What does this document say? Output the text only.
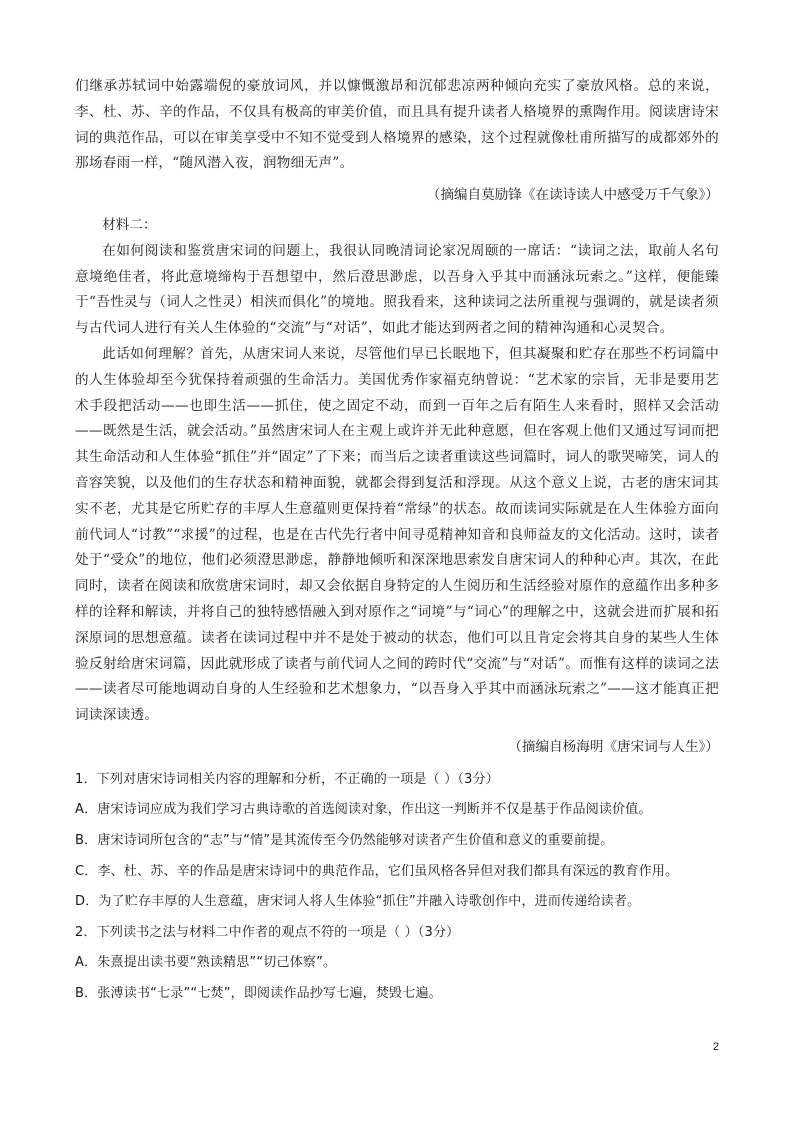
们继承苏轼词中始露端倪的豪放词风，并以慷慨激昂和沉郁悲凉两种倾向充实了豪放风格。总的来说，李、杜、苏、辛的作品，不仅具有极高的审美价值，而且具有提升读者人格境界的熏陶作用。阅读唐诗宋词的典范作品，可以在审美享受中不知不觉受到人格境界的感染，这个过程就像杜甫所描写的成都郊外的那场春雨一样，“随风潜入夜，润物细无声”。

（摘编自莫励锋《在读诗读人中感受万千气象》）

材料二：

在如何阅读和鉴赏唐宋词的问题上，我很认同晚清词论家况周颐的一席话：“读词之法，取前人名句意境绝佳者，将此意境缔构于吾想望中，然后澄思渺虑，以吾身入乎其中而涵泳玩索之。”这样，便能臻于“吾性灵与（词人之性灵）相浃而俱化”的境地。照我看来，这种读词之法所重视与强调的，就是读者须与古代词人进行有关人生体验的“交流”与“对话”，如此才能达到两者之间的精神沟通和心灵契合。

此话如何理解？首先，从唐宋词人来说，尽管他们早已长眠地下，但其凝聚和贮存在那些不朽词篇中的人生体验却至今犹保持着顽强的生命活力。美国优秀作家福克纳曾说：“艺术家的宗旨，无非是要用艺术手段把活动——也即生活——抓住，使之固定不动，而到一百年之后有陌生人来看时，照样又会活动——既然是生活，就会活动。”虽然唐宋词人在主观上或许并无此种意愿，但在客观上他们又通过写词而把其生命活动和人生体验“抓住”并“固定”了下来；而当后之读者重读这些词篇时，词人的歌哭啼笑，词人的音容笑貌，以及他们的生存状态和精神面貌，就都会得到复活和浮现。从这个意义上说，古老的唐宋词其实不老，尤其是它所贮存的丰厚人生意蕴则更保持着“常绿”的状态。故而读词实际就是在人生体验方面向前代词人“讨教”“求援”的过程，也是在古代先行者中间寻觅精神知音和良师益友的文化活动。这时，读者处于“受众”的地位，他们必须澄思渺虑，静静地倾听和深深地思索发自唐宋词人的种种心声。其次，在此同时，读者在阅读和欣赏唐宋词时，却又会依据自身特定的人生阅历和生活经验对原作的意蕴作出多种多样的诠释和解读，并将自己的独特感悟融入到对原作之“词境”与“词心”的理解之中，这就会进而扩展和拓深原词的思想意蕴。读者在读词过程中并不是处于被动的状态，他们可以且肯定会将其自身的某些人生体验反射给唐宋词篇，因此就形成了读者与前代词人之间的跨时代“交流”与“对话”。而惟有这样的读词之法——读者尽可能地调动自身的人生经验和艺术想象力，“以吾身入乎其中而涵泳玩索之”——这才能真正把词读深读透。

（摘编自杨海明《唐宋词与人生》）

1．下列对唐宋诗词相关内容的理解和分析，不正确的一项是（ ）（3分）

A．唐宋诗词应成为我们学习古典诗歌的首选阅读对象，作出这一判断并不仅是基于作品阅读价值。

B．唐宋诗词所包含的“志”与“情”是其流传至今仍然能够对读者产生价值和意义的重要前提。

C．李、杜、苏、辛的作品是唐宋诗词中的典范作品，它们虽风格各异但对我们都具有深远的教育作用。

D．为了贮存丰厚的人生意蕴，唐宋词人将人生体验“抓住”并融入诗歌创作中，进而传递给读者。

2．下列读书之法与材料二中作者的观点不符的一项是（ ）（3分）

A．朱熹提出读书要“熟读精思”“切己体察”。

B．张溥读书“七录”“七焚”，即阅读作品抄写七遍，焚毁七遍。

2
